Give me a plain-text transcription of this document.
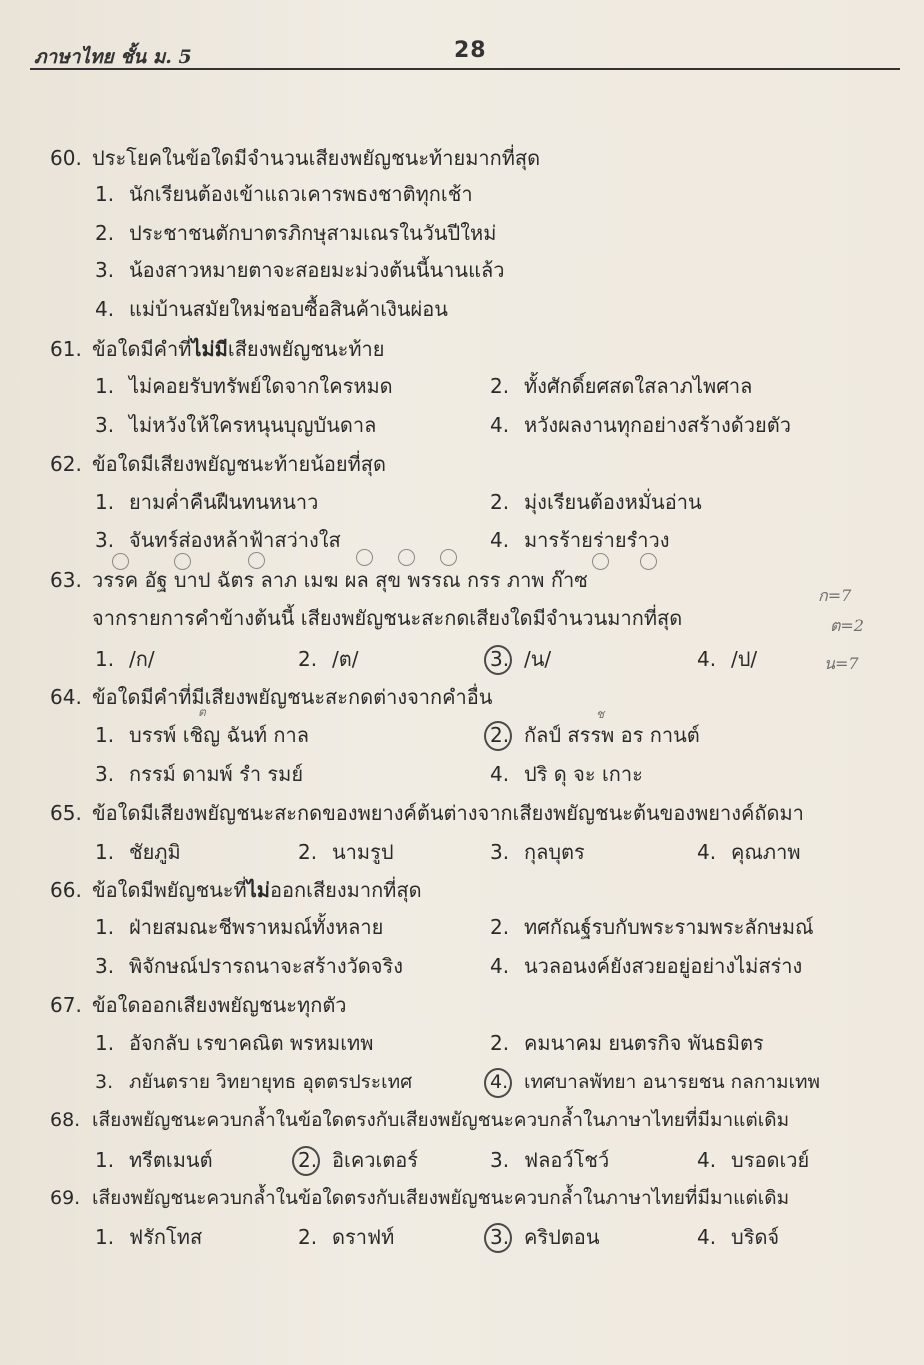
ภาษาไทย ชั้น ม. 5	28
60. ประโยคในข้อใดมีจำนวนเสียงพยัญชนะท้ายมากที่สุด
1. นักเรียนต้องเข้าแถวเคารพธงชาติทุกเช้า
2. ประชาชนตักบาตรภิกษุสามเณรในวันปีใหม่
3. น้องสาวหมายตาจะสอยมะม่วงต้นนี้นานแล้ว
4. แม่บ้านสมัยใหม่ชอบซื้อสินค้าเงินผ่อน
61. ข้อใดมีคำที่ไม่มีเสียงพยัญชนะท้าย
1. ไม่คอยรับทรัพย์ใดจากใครหมด	2. ทั้งศักดิ์ยศสดใสลาภไพศาล
3. ไม่หวังให้ใครหนุนบุญบันดาล	4. หวังผลงานทุกอย่างสร้างด้วยตัว
62. ข้อใดมีเสียงพยัญชนะท้ายน้อยที่สุด
1. ยามค่ำคืนฝืนทนหนาว	2. มุ่งเรียนต้องหมั่นอ่าน
3. จันทร์ส่องหล้าฟ้าสว่างใส	4. มารร้ายร่ายรำวง
63. วรรค อัฐ บาป ฉัตร ลาภ เมฆ ผล สุข พรรณ กรร ภาพ ก๊าซ
จากรายการคำข้างต้นนี้ เสียงพยัญชนะสะกดเสียงใดมีจำนวนมากที่สุด
1. /ก/	2. /ต/	3. /น/	4. /ป/
ก=7
ต=2
น=7
64. ข้อใดมีคำที่มีเสียงพยัญชนะสะกดต่างจากคำอื่น
ต	ช
1. บรรพ์ เชิญ ฉันท์ กาล	2. กัลป์ สรรพ อร กานต์
3. กรรม์ ดามพ์ รำ รมย์	4. ปริ ดุ จะ เกาะ
65. ข้อใดมีเสียงพยัญชนะสะกดของพยางค์ต้นต่างจากเสียงพยัญชนะต้นของพยางค์ถัดมา
1. ชัยภูมิ	2. นามรูป	3. กุลบุตร	4. คุณภาพ
66. ข้อใดมีพยัญชนะที่ไม่ออกเสียงมากที่สุด
1. ฝ่ายสมณะชีพราหมณ์ทั้งหลาย	2. ทศกัณฐ์รบกับพระรามพระลักษมณ์
3. พิจักษณ์ปรารถนาจะสร้างวัดจริง	4. นวลอนงค์ยังสวยอยู่อย่างไม่สร่าง
67. ข้อใดออกเสียงพยัญชนะทุกตัว
1. อัจกลับ เรขาคณิต พรหมเทพ	2. คมนาคม ยนตรกิจ พันธมิตร
3. ภยันตราย วิทยายุทธ อุตตรประเทศ	4. เทศบาลพัทยา อนารยชน กลกามเทพ
68. เสียงพยัญชนะควบกล้ำในข้อใดตรงกับเสียงพยัญชนะควบกล้ำในภาษาไทยที่มีมาแต่เดิม
1. ทรีตเมนต์	2. อิเควเตอร์	3. ฟลอว์โชว์	4. บรอดเวย์
69. เสียงพยัญชนะควบกล้ำในข้อใดตรงกับเสียงพยัญชนะควบกล้ำในภาษาไทยที่มีมาแต่เดิม
1. ฟรักโทส	2. ดราฟท์	3. คริปตอน	4. บริดจ์
